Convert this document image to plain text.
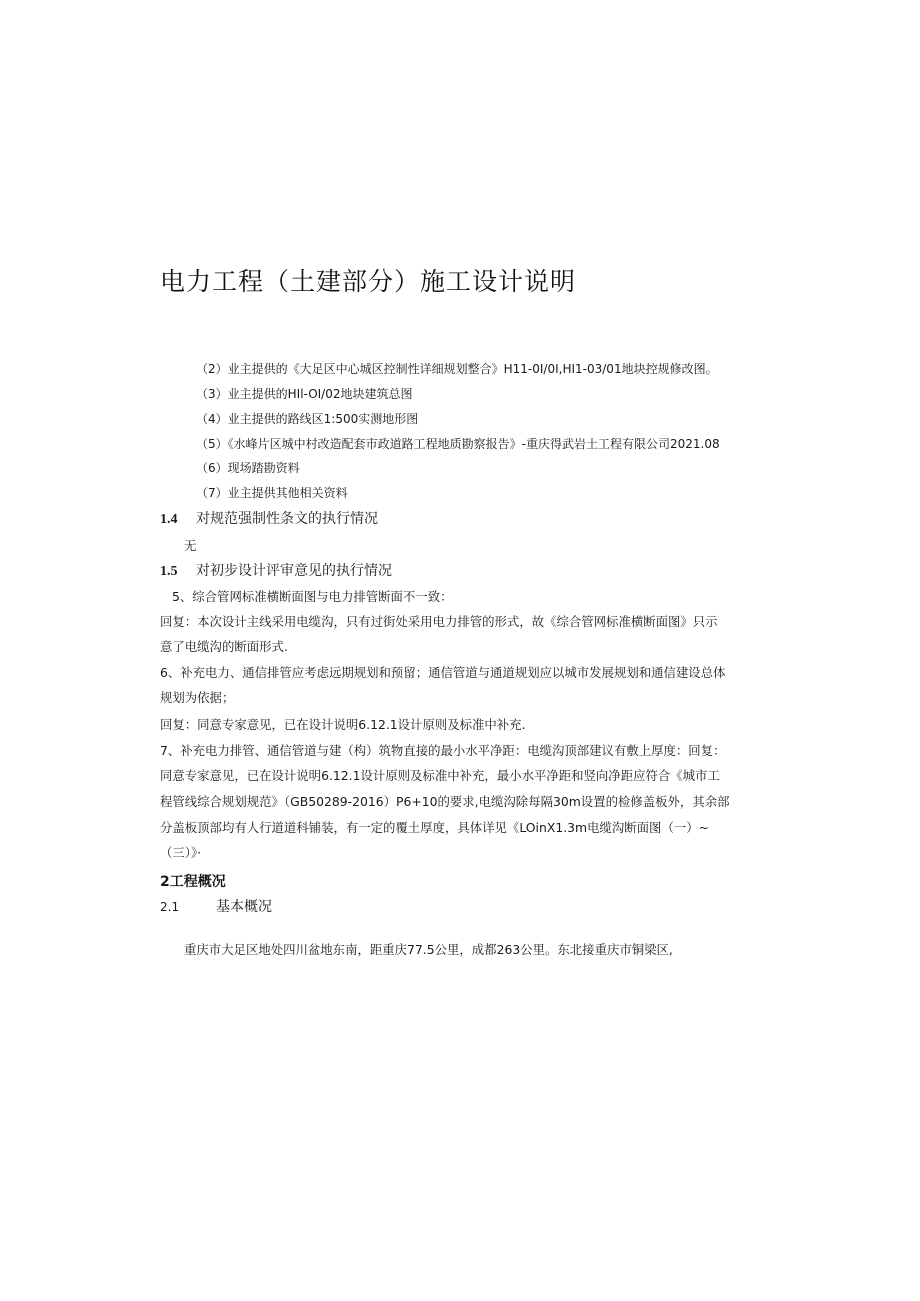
电力工程（土建部分）施工设计说明
（2）业主提供的《大足区中心城区控制性详细规划整合》H11-0I/0I,HI1-03/01地块控规修改图。
（3）业主提供的HIl-OI/02地块建筑总图
（4）业主提供的路线区1:500实测地形图
（5）《水峰片区城中村改造配套市政道路工程地质勘察报告》-重庆得武岩土工程有限公司2021.08
（6）现场踏勘资料
（7）业主提供其他相关资料
1.4 对规范强制性条文的执行情况
无
1.5 对初步设计评审意见的执行情况
5、综合管网标准横断面图与电力排管断面不一致：
回复：本次设计主线采用电缆沟，只有过街处采用电力排管的形式，故《综合管网标准横断面图》只示
意了电缆沟的断面形式.
6、补充电力、通信排管应考虑远期规划和预留；通信管道与通道规划应以城市发展规划和通信建设总体
规划为依据；
回复：同意专家意见，已在设计说明6.12.1设计原则及标准中补充.
7、补充电力排管、通信管道与建（构）筑物直接的最小水平净距：电缆沟顶部建议有敷上厚度：回复：
同意专家意见，已在设计说明6.12.1设计原则及标准中补充，最小水平净距和竖向净距应符合《城市工
程管线综合规划规范》（GB50289-2016）P6+10的要求,电缆沟除每隔30m设置的检修盖板外，其余部
分盖板顶部均有人行道道科铺装，有一定的覆土厚度，具体详见《LOinX1.3m电缆沟断面图（一）~
（三）》·
2工程概况
2.1	基本概况
重庆市大足区地处四川盆地东南，距重庆77.5公里，成都263公里。东北接重庆市铜梁区,
